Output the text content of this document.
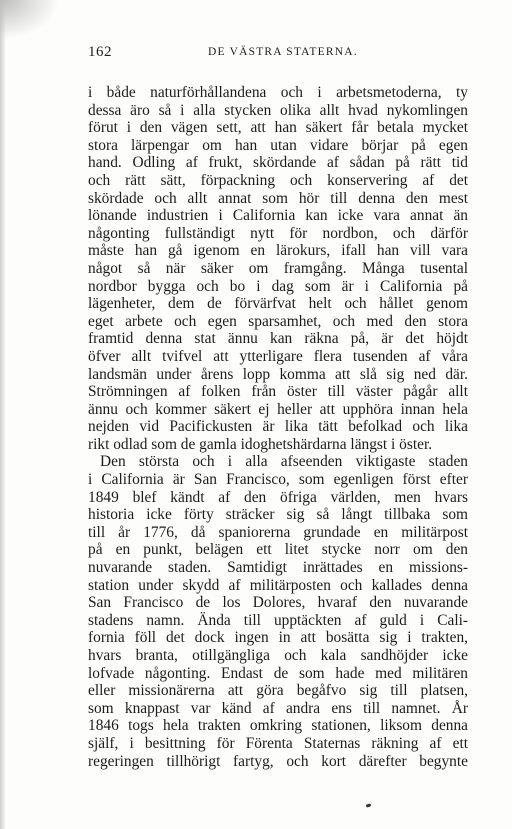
162	DE VÄSTRA STATERNA.
i både naturförhållandena och i arbetsmetoderna, ty
dessa äro så i alla stycken olika allt hvad nykomlingen
förut i den vägen sett, att han säkert får betala mycket
stora lärpengar om han utan vidare börjar på egen
hand. Odling af frukt, skördande af sådan på rätt tid
och rätt sätt, förpackning och konservering af det
skördade och allt annat som hör till denna den mest
lönande industrien i California kan icke vara annat än
någonting fullständigt nytt för nordbon, och därför
måste han gå igenom en lärokurs, ifall han vill vara
något så när säker om framgång. Många tusental
nordbor bygga och bo i dag som är i California på
lägenheter, dem de förvärfvat helt och hållet genom
eget arbete och egen sparsamhet, och med den stora
framtid denna stat ännu kan räkna på, är det höjdt
öfver allt tvifvel att ytterligare flera tusenden af våra
landsmän under årens lopp komma att slå sig ned där.
Strömningen af folken från öster till väster pågår allt
ännu och kommer säkert ej heller att upphöra innan hela
nejden vid Pacifickusten är lika tätt befolkad och lika
rikt odlad som de gamla idoghetshärdarna längst i öster.
Den största och i alla afseenden viktigaste staden
i California är San Francisco, som egenligen först efter
1849 blef kändt af den öfriga världen, men hvars
historia icke förty sträcker sig så långt tillbaka som
till år 1776, då spaniorerna grundade en militärpost
på en punkt, belägen ett litet stycke norr om den
nuvarande staden. Samtidigt inrättades en missions-
station under skydd af militärposten och kallades denna
San Francisco de los Dolores, hvaraf den nuvarande
stadens namn. Ända till upptäckten af guld i Cali-
fornia föll det dock ingen in att bosätta sig i trakten,
hvars branta, otillgängliga och kala sandhöjder icke
lofvade någonting. Endast de som hade med militären
eller missionärerna att göra begåfvo sig till platsen,
som knappast var känd af andra ens till namnet. År
1846 togs hela trakten omkring stationen, liksom denna
själf, i besittning för Förenta Staternas räkning af ett
regeringen tillhörigt fartyg, och kort därefter begynte
